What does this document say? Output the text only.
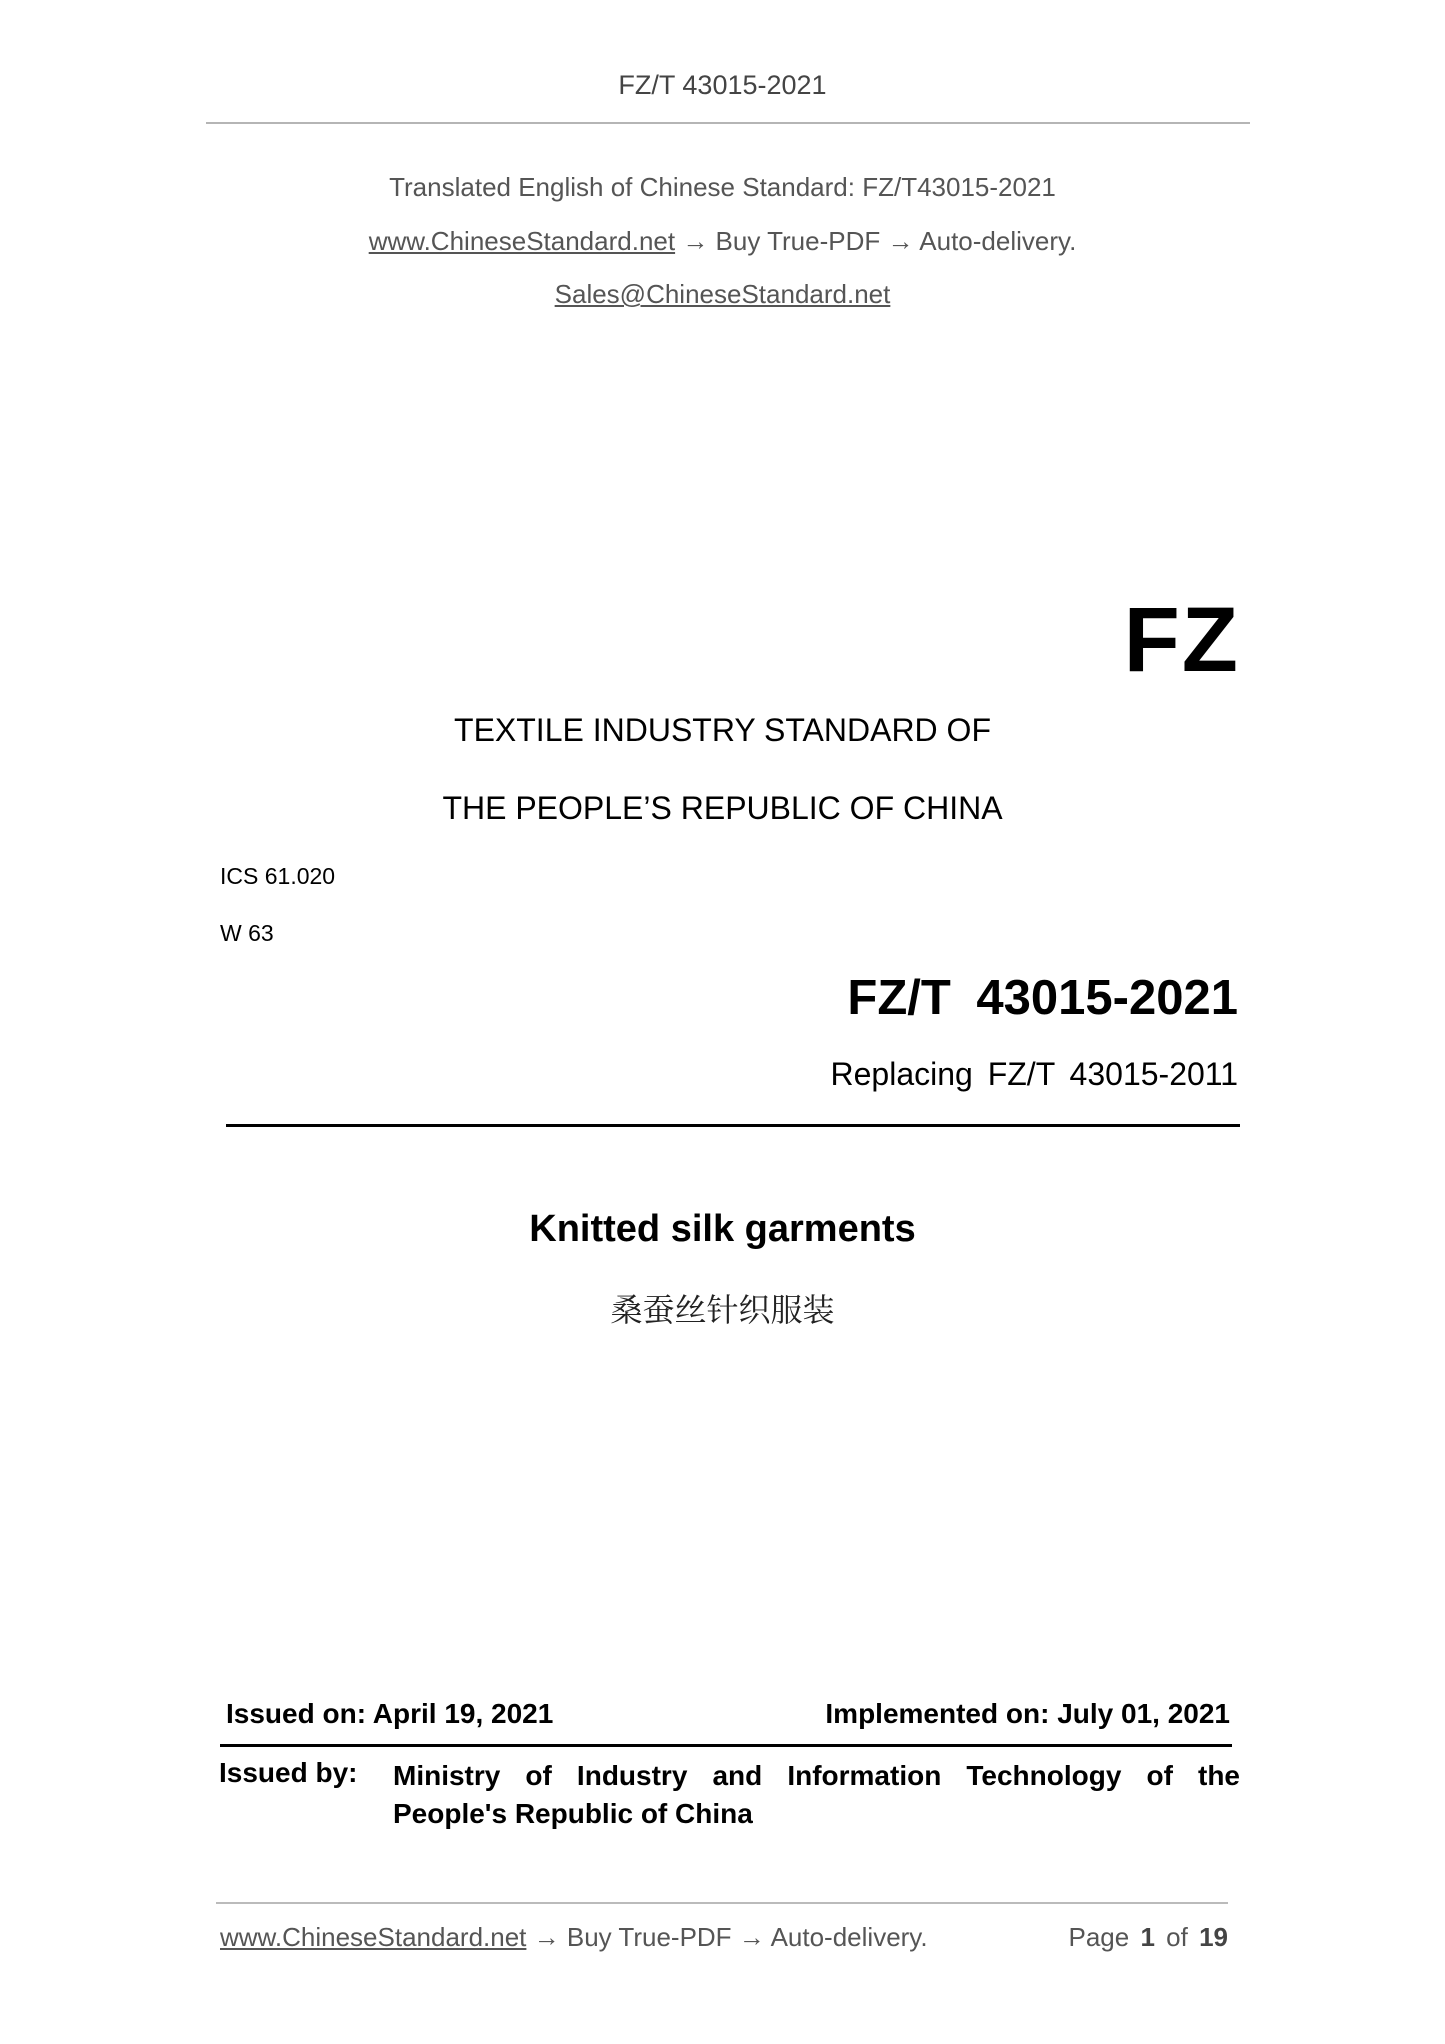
FZ/T 43015-2021
Translated English of Chinese Standard: FZ/T43015-2021
www.ChineseStandard.net → Buy True-PDF → Auto-delivery.
Sales@ChineseStandard.net
FZ
TEXTILE INDUSTRY STANDARD OF
THE PEOPLE’S REPUBLIC OF CHINA
ICS 61.020
W 63
FZ/T 43015-2021
Replacing FZ/T 43015-2011
Knitted silk garments
桑蚕丝针织服装
Issued on: April 19, 2021	Implemented on: July 01, 2021
Issued by: Ministry of Industry and Information Technology of the People's Republic of China
www.ChineseStandard.net → Buy True-PDF → Auto-delivery.	Page 1 of 19
